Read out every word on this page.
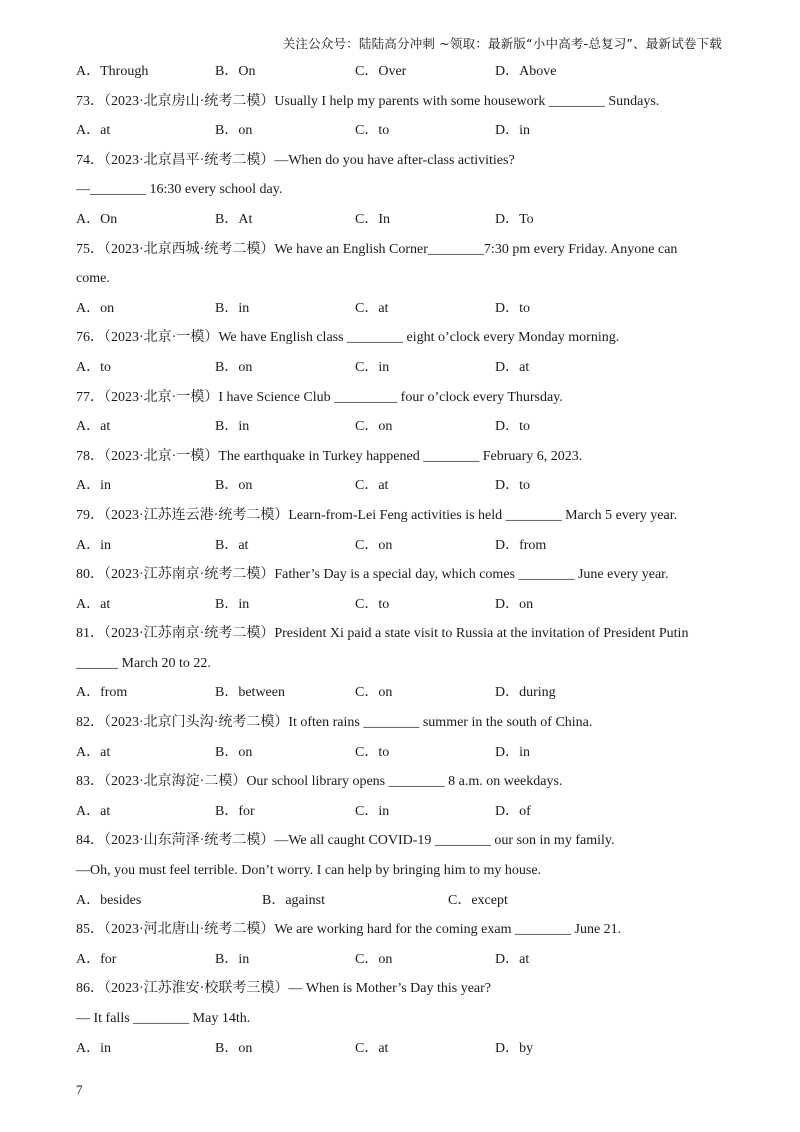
关注公众号：陆陆高分冲刺 ~领取：最新版“小中高考-总复习”、最新试卷下载
A．Through	B．On	C．Over	D．Above
73．（2023·北京房山·统考二模）Usually I help my parents with some housework ________ Sundays.
A．at	B．on	C．to	D．in
74．（2023·北京昌平·统考二模）—When do you have after-class activities?
—________ 16:30 every school day.
A．On	B．At	C．In	D．To
75．（2023·北京西城·统考二模）We have an English Corner________7:30 pm every Friday. Anyone can
come.
A．on	B．in	C．at	D．to
76．（2023·北京·一模）We have English class ________ eight o’clock every Monday morning.
A．to	B．on	C．in	D．at
77．（2023·北京·一模）I have Science Club _________ four o’clock every Thursday.
A．at	B．in	C．on	D．to
78．（2023·北京·一模）The earthquake in Turkey happened ________ February 6, 2023.
A．in	B．on	C．at	D．to
79．（2023·江苏连云港·统考二模）Learn-from-Lei Feng activities is held ________ March 5 every year.
A．in	B．at	C．on	D．from
80．（2023·江苏南京·统考二模）Father’s Day is a special day, which comes ________ June every year.
A．at	B．in	C．to	D．on
81．（2023·江苏南京·统考二模）President Xi paid a state visit to Russia at the invitation of President Putin
______ March 20 to 22.
A．from	B．between	C．on	D．during
82．（2023·北京门头沟·统考二模）It often rains ________ summer in the south of China.
A．at	B．on	C．to	D．in
83．（2023·北京海淀·二模）Our school library opens ________ 8 a.m. on weekdays.
A．at	B．for	C．in	D．of
84．（2023·山东菏泽·统考二模）—We all caught COVID-19 ________ our son in my family.
—Oh, you must feel terrible. Don’t worry. I can help by bringing him to my house.
A．besides	B．against	C．except
85．（2023·河北唐山·统考二模）We are working hard for the coming exam ________ June 21.
A．for	B．in	C．on	D．at
86．（2023·江苏淮安·校联考三模）— When is Mother’s Day this year?
— It falls ________ May 14th.
A．in	B．on	C．at	D．by
7
